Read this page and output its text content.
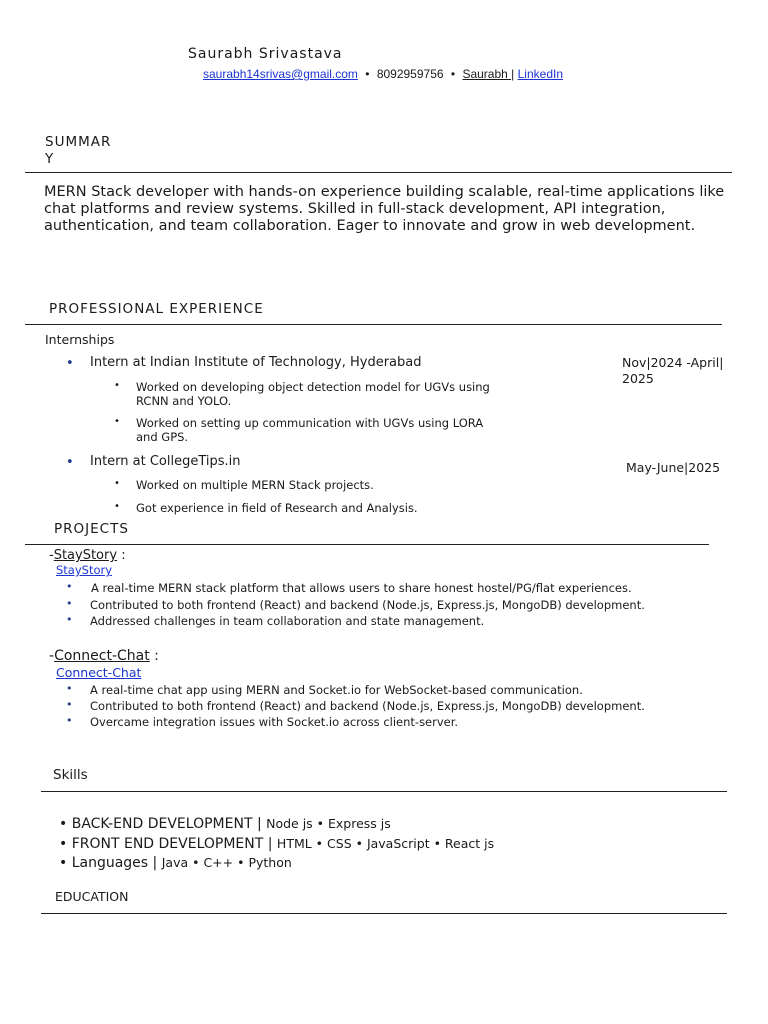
Saurabh Srivastava
saurabh14srivas@gmail.com • 8092959756 • Saurabh | LinkedIn
SUMMAR
Y
MERN Stack developer with hands-on experience building scalable, real-time applications like chat platforms and review systems. Skilled in full-stack development, API integration, authentication, and team collaboration. Eager to innovate and grow in web development.
PROFESSIONAL EXPERIENCE
Internships
• Intern at Indian Institute of Technology, Hyderabad	Nov|2024 -April|
2025
• Worked on developing object detection model for UGVs using RCNN and YOLO.
• Worked on setting up communication with UGVs using LORA and GPS.
• Intern at CollegeTips.in	May-June|2025
• Worked on multiple MERN Stack projects.
• Got experience in field of Research and Analysis.
PROJECTS
-StayStory :
StayStory
• A real-time MERN stack platform that allows users to share honest hostel/PG/flat experiences.
• Contributed to both frontend (React) and backend (Node.js, Express.js, MongoDB) development.
• Addressed challenges in team collaboration and state management.
-Connect-Chat :
Connect-Chat
• A real-time chat app using MERN and Socket.io for WebSocket-based communication.
• Contributed to both frontend (React) and backend (Node.js, Express.js, MongoDB) development.
• Overcame integration issues with Socket.io across client-server.
Skills
• BACK-END DEVELOPMENT | Node js • Express js
• FRONT END DEVELOPMENT | HTML • CSS • JavaScript • React js
• Languages | Java • C++ • Python
EDUCATION
